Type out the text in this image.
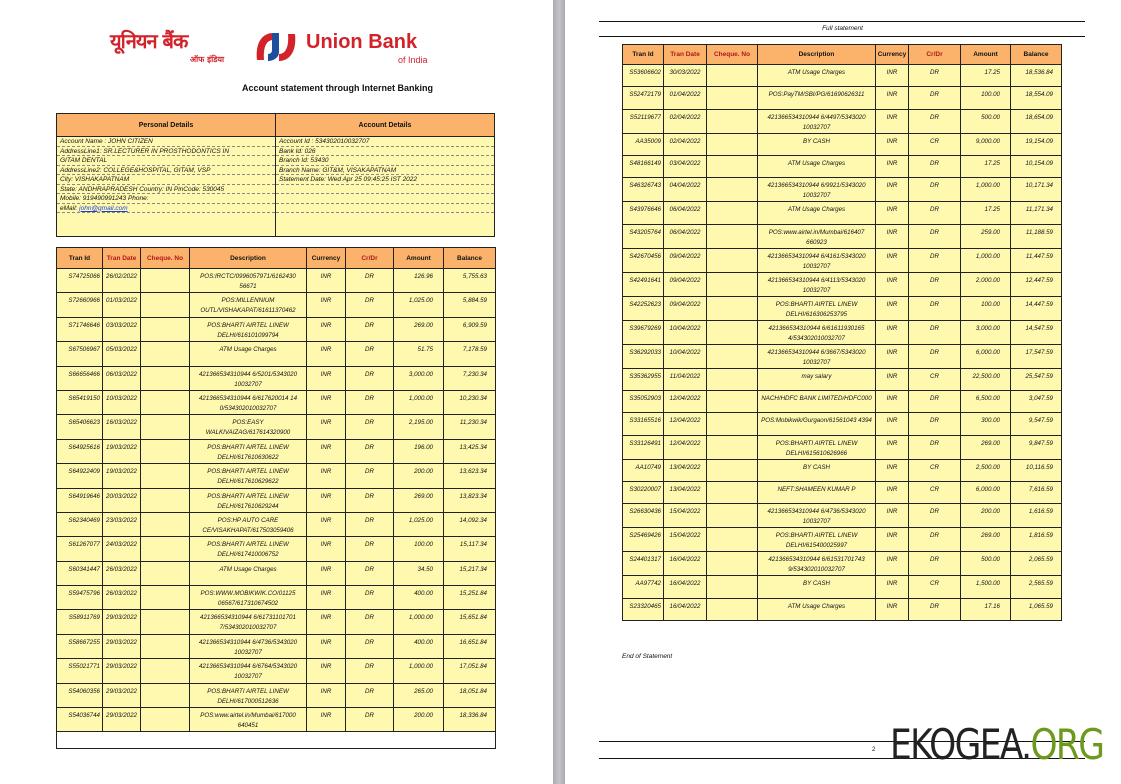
यूनियन बैंक
ऑफ इंडिया
Union Bank
of India
Account statement through Internet Banking
Personal Details
Account Name : JOHN CITIZEN
AddressLine1: SR.LECTURER IN PROSTHODONTICS IN
GITAM DENTAL
AddressLine2: COLLEGE&HOSPITAL, GITAM, VSP
City: VISHAKAPATNAM
State: ANDHRAPRADESH Country: IN PinCode: 530045
Mobile: 919490991243 Phone:
eMail: john@gmail.com
Account Details
Account Id : 534302010032707
Bank Id: 026
Branch Id: 53430
Branch Name: GIT&M, VISAKAPATNAM
Statement Date: Wed Apr 25 09:45:25 IST 2022
Tran Id	Tran Date	Cheque. No	Description	Currency	Cr/Dr	Amount	Balance
S74725066	26/02/2022		POS:IRCTC/0996057971/6162430 56671	INR	DR	126.96	5,755.63
S72660966	01/03/2022		POS:MILLENNIUM OUTL/VISHAKAPAT/61611370462	INR	DR	1,025.00	5,884.59
S71746646	03/03/2022		POS:BHARTI AIRTEL LINEW DELHI/616101099794	INR	DR	269.00	6,909.59
S67506967	05/03/2022		ATM Usage Charges	INR	DR	51.75	7,178.59
S66656466	06/03/2022		421366534310944 6/5201/5343020 10032707	INR	DR	3,000.00	7,230.34
S65419150	10/03/2022		421366534310944 6/617620014 14 0/534302010032707	INR	DR	1,000.00	10,230.34
S65406623	16/03/2022		POS:EASY WALKIVAIZAG/617614320900	INR	DR	2,195.00	11,230.34
S64925616	19/03/2022		POS:BHARTI AIRTEL LINEW DELHI/617610630622	INR	DR	196.00	13,425.34
S64922409	19/03/2022		POS:BHARTI AIRTEL LINEW DELHI/617610629622	INR	DR	200.00	13,623.34
S64919646	20/03/2022		POS:BHARTI AIRTEL LINEW DELHI/617610629244	INR	DR	269.00	13,823.34
S62340469	23/03/2022		POS:HP AUTO CARE CE/VISAKHAPAT/617503059406	INR	DR	1,025.00	14,092.34
S61267077	24/03/2022		POS:BHARTI AIRTEL LINEW DELHI/617410006752	INR	DR	100.00	15,117.34
S60341447	26/03/2022		ATM Usage Charges	INR	DR	34.50	15,217.34
S59475796	26/03/2022		POS:WWW.MOBIKWIK.CO/01125 06567/617310674502	INR	DR	400.00	15,251.84
S58911769	29/03/2022		421366534310944 6/61731101701 7/534302010032707	INR	DR	1,000.00	15,651.84
S58667255	29/03/2022		421366534310944 6/4736/5343020 10032707	INR	DR	400.00	16,651.84
S55021771	29/03/2022		421366534310944 6/6764/5343020 10032707	INR	DR	1,000.00	17,051.84
S54060356	29/03/2022		POS:BHARTI AIRTEL LINEW DELHI/617000512636	INR	DR	265.00	18,051.84
S54036744	29/03/2022		POS:www.airtel.in/Mumbai/617000 640451	INR	DR	200.00	18,336.84

Full statement
Tran Id	Tran Date	Cheque. No	Description	Currency	Cr/Dr	Amount	Balance
S53606602	30/03/2022		ATM Usage Charges	INR	DR	17.25	18,536.84
S52472179	01/04/2022		POS:PayTM/SBI/PG/61690626311	INR	DR	100.00	18,554.09
S52119677	02/04/2022		421366534310944 6/4497/5343020 10032707	INR	DR	500.00	18,654.09
AA35009	02/04/2022		BY CASH	INR	CR	9,000.00	19,154.09
S48166149	03/04/2022		ATM Usage Charges	INR	DR	17.25	10,154.09
S46326743	04/04/2022		421366534310944 6/9921/5343020 10032707	INR	DR	1,000.00	10,171.34
S43976646	06/04/2022		ATM Usage Charges	INR	DR	17.25	11,171.34
S43205764	06/04/2022		POS:www.airtel.in/Mumbai/616407 660923	INR	DR	259.00	11,188.59
S42670456	09/04/2022		421366534310944 6/4161/5343020 10032707	INR	DR	1,000.00	11,447.59
S42491641	09/04/2022		421366534310944 6/4113/5343020 10032707	INR	DR	2,000.00	12,447.59
S42252623	09/04/2022		POS:BHARTI AIRTEL LINEW DELHI/616306253795	INR	DR	100.00	14,447.59
S39679269	10/04/2022		421366534310944 6/61611930165 4/534302010032707	INR	DR	3,000.00	14,547.59
S36292033	10/04/2022		421366534310944 6/3667/5343020 10032707	INR	DR	6,000.00	17,547.59
S35362955	11/04/2022		may salary	INR	CR	22,500.00	25,547.59
S35052903	12/04/2022		NACH/HDFC BANK LIMITED/HDFC000	INR	DR	6,500.00	3,047.59
S33165516	12/04/2022		POS:Mobikwik/Gurgaon/61561043 4394	INR	DR	300.00	9,547.59
S33126491	12/04/2022		POS:BHARTI AIRTEL LINEW DELHI/615610626966	INR	DR	269.00	9,847.59
AA10749	13/04/2022		BY CASH	INR	CR	2,500.00	10,116.59
S30220007	13/04/2022		NEFT:SHAMEEN KUMAR P	INR	CR	6,000.00	7,616.59
S26630436	15/04/2022		421366534310944 6/4736/5343020 10032707	INR	DR	200.00	1,616.59
S25469426	15/04/2022		POS:BHARTI AIRTEL LINEW DELHI/615400025997	INR	DR	269.00	1,816.59
S24401317	16/04/2022		421366534310944 6/61531701743 9/534302010032707	INR	DR	500.00	2,065.59
AA97742	16/04/2022		BY CASH	INR	CR	1,500.00	2,565.59
S23320465	16/04/2022		ATM Usage Charges	INR	DR	17.16	1,065.59
End of Statement
2 EKOGEA.ORG
